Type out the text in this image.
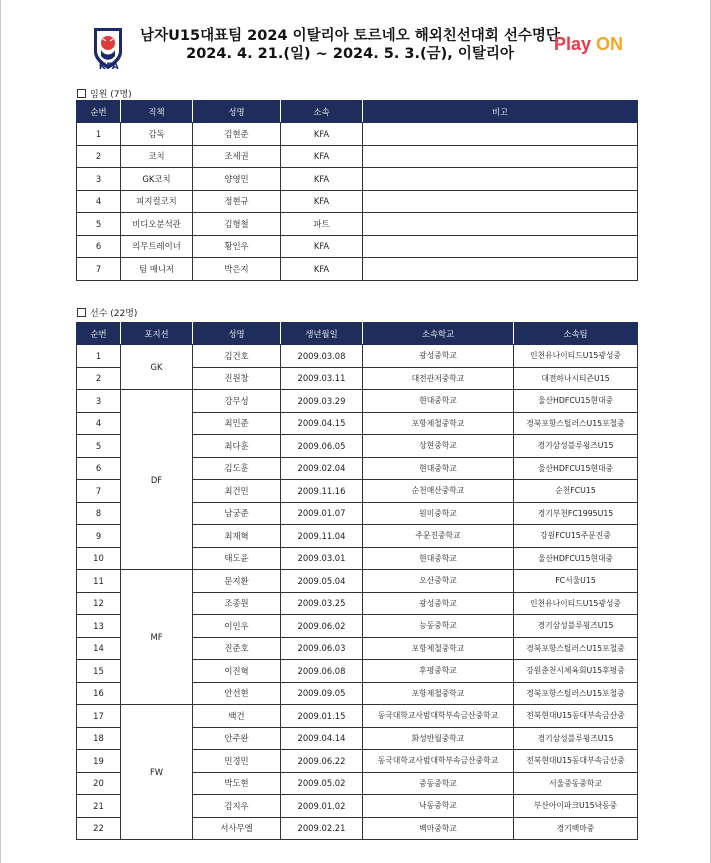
KFA
남자U15대표팀 2024 이탈리아 토르네오 해외친선대회 선수명단
2024. 4. 21.(일) ~ 2024. 5. 3.(금), 이탈리아	Play ON
임원 (7명)
순번	직책	성명	소속	비고
1	감독	김현준	KFA	
2	코치	조세권	KFA	
3	GK코치	양영민	KFA	
4	피지컬코치	정현규	KFA	
5	비디오분석관	김형철	파트	
6	의무트레이너	황인우	KFA	
7	팀 매니저	박은지	KFA	
선수 (22명)
순번	포지션	성명	생년월일	소속학교	소속팀
1	GK	김건호	2009.03.08	광성중학교	인천유나이티드U15광성중
2		진원창	2009.03.11	대전관저중학교	대전하나시티즌U15
3	DF	강무성	2009.03.29	현대중학교	울산HDFCU15현대중
4		최민준	2009.04.15	포항제철중학교	경북포항스틸러스U15포철중
5		최다훈	2009.06.05	상현중학교	경기삼성블루윙즈U15
6		김도훈	2009.02.04	현대중학교	울산HDFCU15현대중
7		최건민	2009.11.16	순천매산중학교	순천FCU15
8		남궁준	2009.01.07	원미중학교	경기부천FC1995U15
9		최재혁	2009.11.04	주문진중학교	강원FCU15주문진중
10		태도윤	2009.03.01	현대중학교	울산HDFCU15현대중
11	MF	문지환	2009.05.04	오산중학교	FC서울U15
12		조종원	2009.03.25	광성중학교	인천유나이티드U15광성중
13		이인우	2009.06.02	능동중학교	경기삼성블루윙즈U15
14		진준호	2009.06.03	포항제철중학교	경북포항스틸러스U15포철중
15		이진혁	2009.06.08	후평중학교	강원춘천시체육회U15후평중
16		안선현	2009.09.05	포항제철중학교	경북포항스틸러스U15포철중
17	FW	백건	2009.01.15	동국대학교사범대학부속금산중학교	전북현대U15동대부속금산중
18		안주완	2009.04.14	화성반월중학교	경기삼성블루윙즈U15
19		민경민	2009.06.22	동국대학교사범대학부속금산중학교	전북현대U15동대부속금산중
20		박도현	2009.05.02	중동중학교	서울중동중학교
21		김지우	2009.01.02	낙동중학교	부산아이파크U15낙동중
22		서사무엘	2009.02.21	백마중학교	경기백마중
